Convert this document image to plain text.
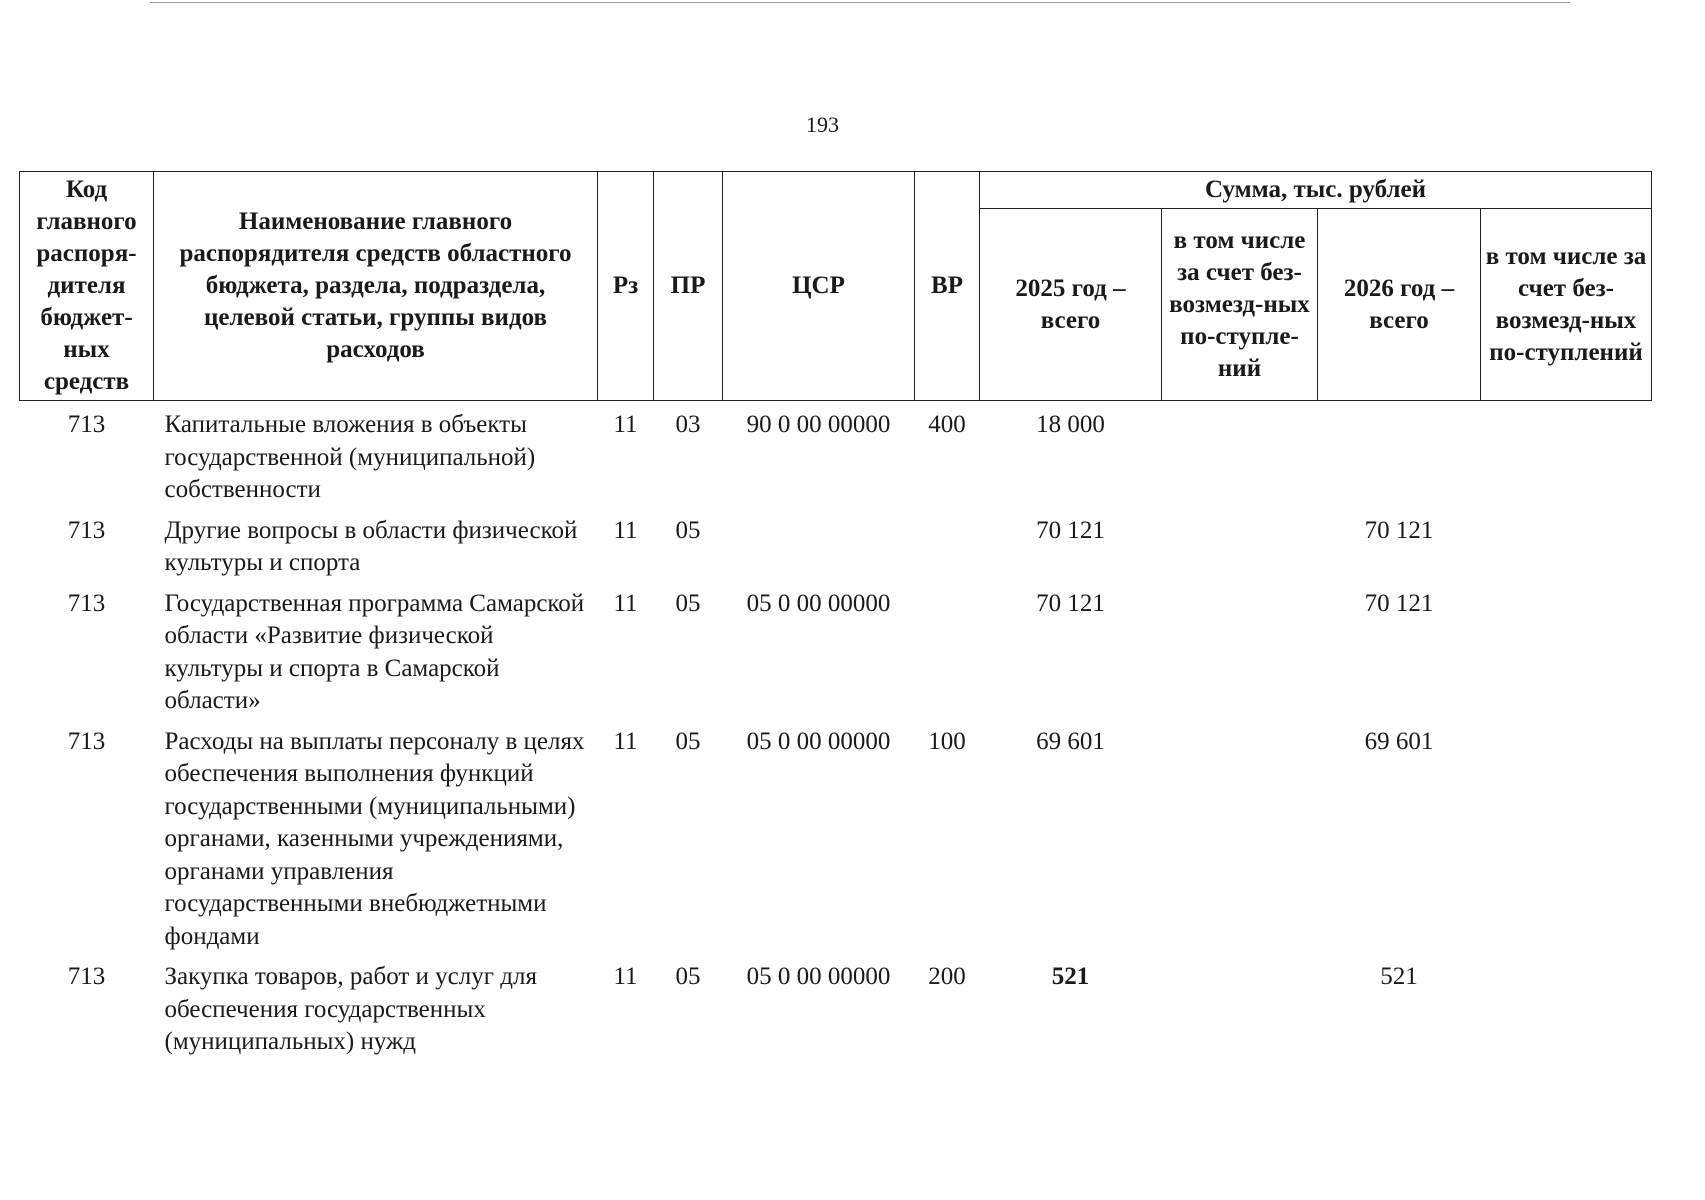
193
Код главного распоря-дителя бюджет-ных средств	Наименование главного распорядителя средств областного бюджета, раздела, подраздела, целевой статьи, группы видов расходов	Рз	ПР	ЦСР	ВР	Сумма, тыс. рублей			
						2025 год – всего	в том числе за счет без-возмезд-ных по-ступле-ний	2026 год – всего	в том числе за счет без-возмезд-ных по-ступлений
713	Капитальные вложения в объекты государственной (муниципальной) собственности	11	03	90 0 00 00000	400	18 000			
713	Другие вопросы в области физической культуры и спорта	11	05			70 121		70 121	
713	Государственная программа Самарской области «Развитие физической культуры и спорта в Самарской области»	11	05	05 0 00 00000		70 121		70 121	
713	Расходы на выплаты персоналу в целях обеспечения выполнения функций государственными (муниципальными) органами, казенными учреждениями, органами управления государственными внебюджетными фондами	11	05	05 0 00 00000	100	69 601		69 601	
713	Закупка товаров, работ и услуг для обеспечения государственных (муниципальных) нужд	11	05	05 0 00 00000	200	521		521	
